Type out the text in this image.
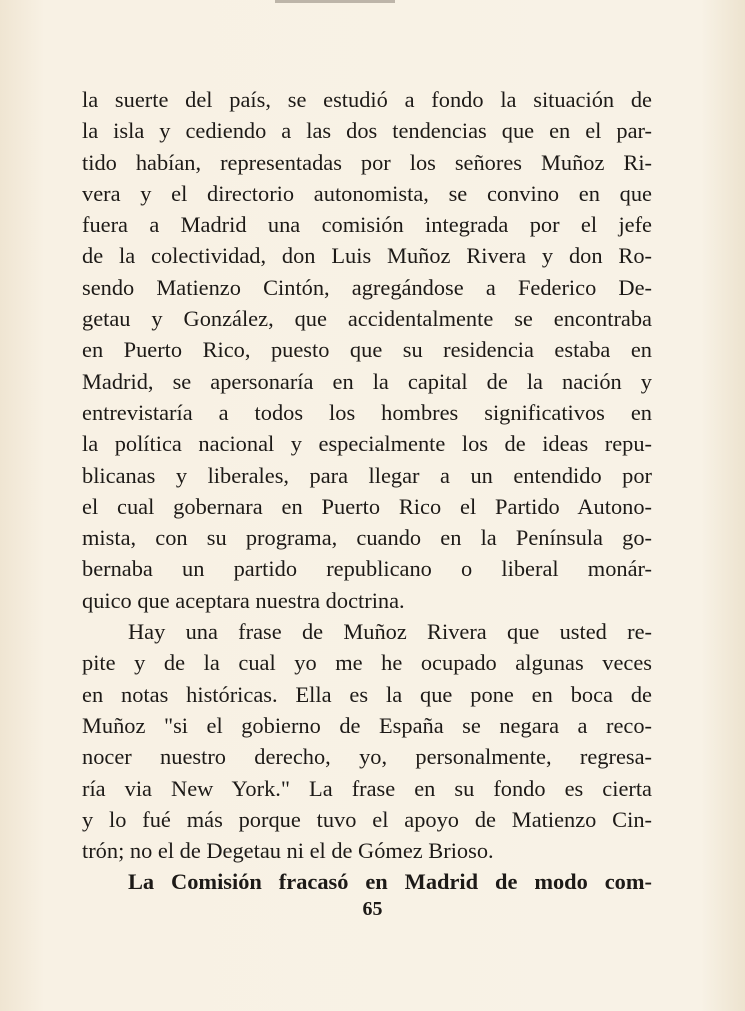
la suerte del país, se estudió a fondo la situación de
la isla y cediendo a las dos tendencias que en el par-
tido habían, representadas por los señores Muñoz Ri-
vera y el directorio autonomista, se convino en que
fuera a Madrid una comisión integrada por el jefe
de la colectividad, don Luis Muñoz Rivera y don Ro-
sendo Matienzo Cintón, agregándose a Federico De-
getau y González, que accidentalmente se encontraba
en Puerto Rico, puesto que su residencia estaba en
Madrid, se apersonaría en la capital de la nación y
entrevistaría a todos los hombres significativos en
la política nacional y especialmente los de ideas repu-
blicanas y liberales, para llegar a un entendido por
el cual gobernara en Puerto Rico el Partido Autono-
mista, con su programa, cuando en la Península go-
bernaba un partido republicano o liberal monár-
quico que aceptara nuestra doctrina.
Hay una frase de Muñoz Rivera que usted re-
pite y de la cual yo me he ocupado algunas veces
en notas históricas. Ella es la que pone en boca de
Muñoz "si el gobierno de España se negara a reco-
nocer nuestro derecho, yo, personalmente, regresa-
ría via New York." La frase en su fondo es cierta
y lo fué más porque tuvo el apoyo de Matienzo Cin-
trón; no el de Degetau ni el de Gómez Brioso.
La Comisión fracasó en Madrid de modo com-
65
